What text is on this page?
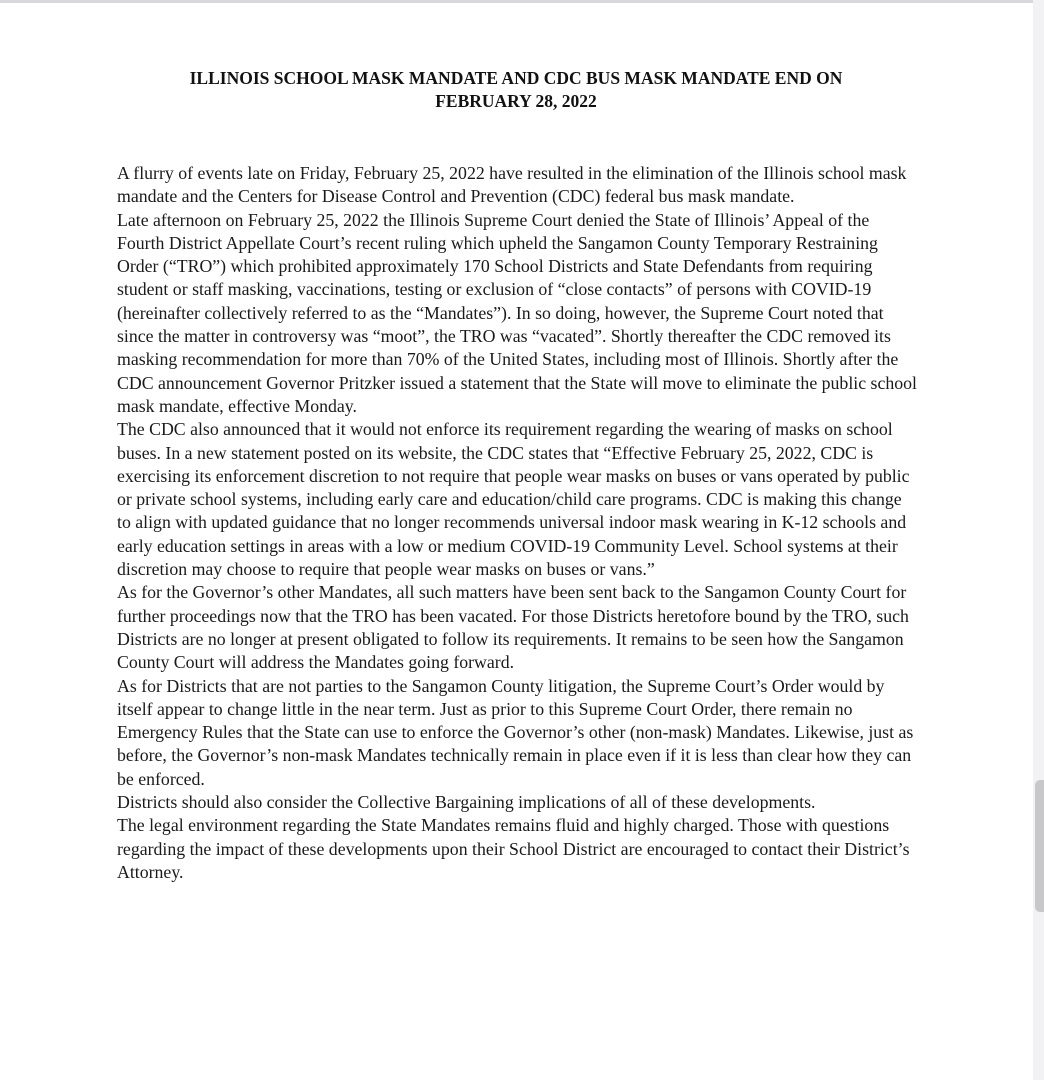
ILLINOIS SCHOOL MASK MANDATE AND CDC BUS MASK MANDATE END ON
FEBRUARY 28, 2022

A flurry of events late on Friday, February 25, 2022 have resulted in the elimination of the Illinois school mask mandate and the Centers for Disease Control and Prevention (CDC) federal bus mask mandate.

Late afternoon on February 25, 2022 the Illinois Supreme Court denied the State of Illinois’ Appeal of the Fourth District Appellate Court’s recent ruling which upheld the Sangamon County Temporary Restraining Order (“TRO”) which prohibited approximately 170 School Districts and State Defendants from requiring student or staff masking, vaccinations, testing or exclusion of “close contacts” of persons with COVID-19 (hereinafter collectively referred to as the “Mandates”). In so doing, however, the Supreme Court noted that since the matter in controversy was “moot”, the TRO was “vacated”. Shortly thereafter the CDC removed its masking recommendation for more than 70% of the United States, including most of Illinois. Shortly after the CDC announcement Governor Pritzker issued a statement that the State will move to eliminate the public school mask mandate, effective Monday.

The CDC also announced that it would not enforce its requirement regarding the wearing of masks on school buses. In a new statement posted on its website, the CDC states that “Effective February 25, 2022, CDC is exercising its enforcement discretion to not require that people wear masks on buses or vans operated by public or private school systems, including early care and education/child care programs. CDC is making this change to align with updated guidance that no longer recommends universal indoor mask wearing in K-12 schools and early education settings in areas with a low or medium COVID-19 Community Level. School systems at their discretion may choose to require that people wear masks on buses or vans.”

As for the Governor’s other Mandates, all such matters have been sent back to the Sangamon County Court for further proceedings now that the TRO has been vacated. For those Districts heretofore bound by the TRO, such Districts are no longer at present obligated to follow its requirements. It remains to be seen how the Sangamon County Court will address the Mandates going forward.

As for Districts that are not parties to the Sangamon County litigation, the Supreme Court’s Order would by itself appear to change little in the near term. Just as prior to this Supreme Court Order, there remain no Emergency Rules that the State can use to enforce the Governor’s other (non-mask) Mandates. Likewise, just as before, the Governor’s non-mask Mandates technically remain in place even if it is less than clear how they can be enforced.

Districts should also consider the Collective Bargaining implications of all of these developments.

The legal environment regarding the State Mandates remains fluid and highly charged. Those with questions regarding the impact of these developments upon their School District are encouraged to contact their District’s Attorney.
